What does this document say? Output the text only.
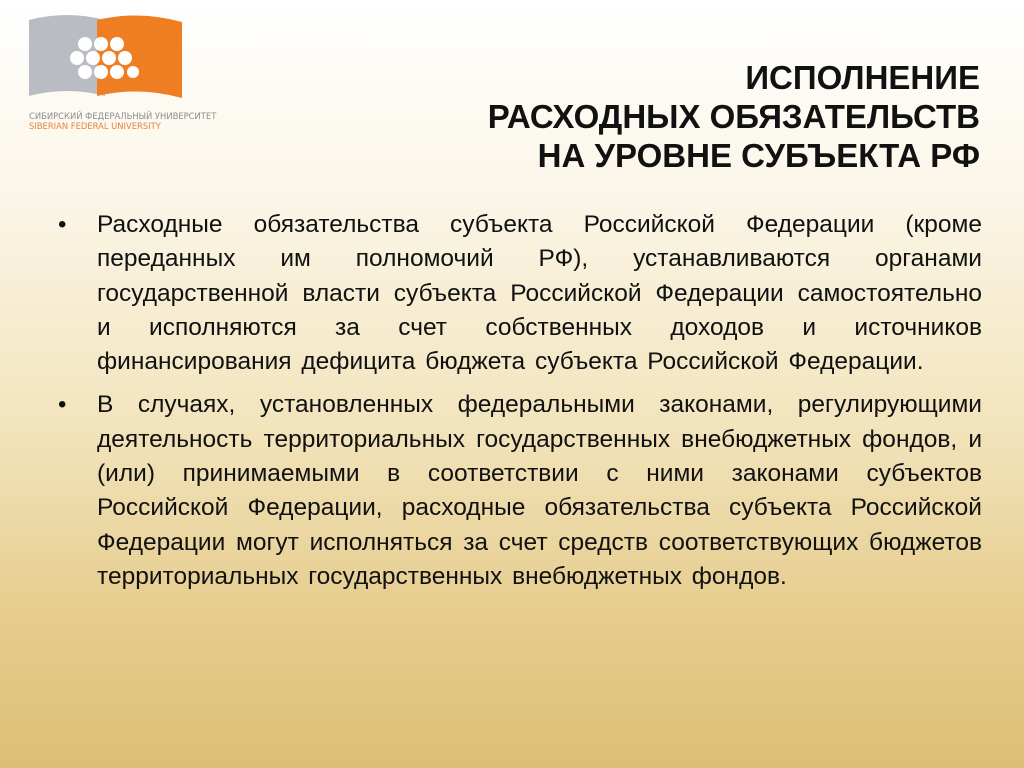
СИБИРСКИЙ ФЕДЕРАЛЬНЫЙ УНИВЕРСИТЕТ
SIBERIAN FEDERAL UNIVERSITY
ИСПОЛНЕНИЕ
РАСХОДНЫХ ОБЯЗАТЕЛЬСТВ
НА УРОВНЕ СУБЪЕКТА РФ
• Расходные обязательства субъекта Российской Федерации (кроме переданных им полномочий РФ), устанавливаются органами государственной власти субъекта Российской Федерации самостоятельно и исполняются за счет собственных доходов и источников финансирования дефицита бюджета субъекта Российской Федерации.
• В случаях, установленных федеральными законами, регулирующими деятельность территориальных государственных внебюджетных фондов, и (или) принимаемыми в соответствии с ними законами субъектов Российской Федерации, расходные обязательства субъекта Российской Федерации могут исполняться за счет средств соответствующих бюджетов территориальных государственных внебюджетных фондов.
